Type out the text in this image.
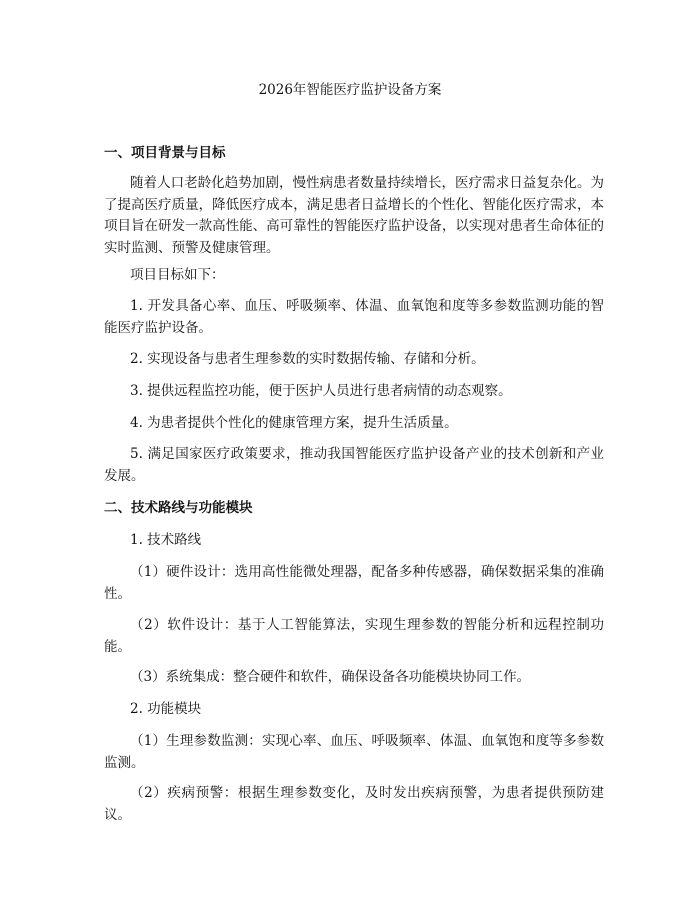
2026年智能医疗监护设备方案
一、项目背景与目标

随着人口老龄化趋势加剧，慢性病患者数量持续增长，医疗需求日益复杂化。为了提高医疗质量，降低医疗成本，满足患者日益增长的个性化、智能化医疗需求，本项目旨在研发一款高性能、高可靠性的智能医疗监护设备，以实现对患者生命体征的实时监测、预警及健康管理。

项目目标如下：

1. 开发具备心率、血压、呼吸频率、体温、血氧饱和度等多参数监测功能的智能医疗监护设备。

2. 实现设备与患者生理参数的实时数据传输、存储和分析。

3. 提供远程监控功能，便于医护人员进行患者病情的动态观察。

4. 为患者提供个性化的健康管理方案，提升生活质量。

5. 满足国家医疗政策要求，推动我国智能医疗监护设备产业的技术创新和产业发展。

二、技术路线与功能模块

1. 技术路线

（1）硬件设计：选用高性能微处理器，配备多种传感器，确保数据采集的准确性。

（2）软件设计：基于人工智能算法，实现生理参数的智能分析和远程控制功能。

（3）系统集成：整合硬件和软件，确保设备各功能模块协同工作。

2. 功能模块

（1）生理参数监测：实现心率、血压、呼吸频率、体温、血氧饱和度等多参数监测。

（2）疾病预警：根据生理参数变化，及时发出疾病预警，为患者提供预防建议。
